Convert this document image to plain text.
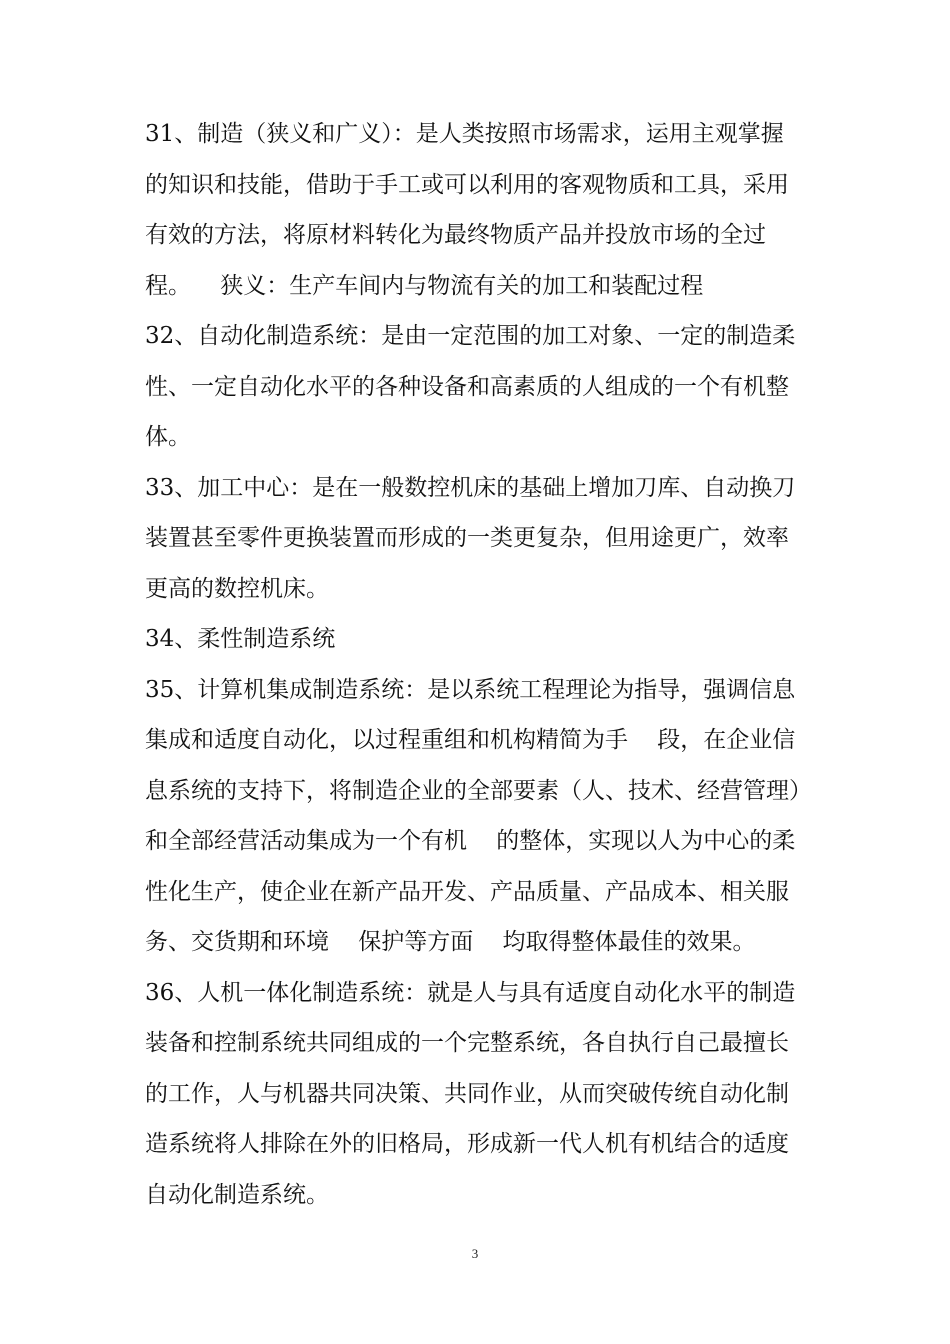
31、制造（狭义和广义）：是人类按照市场需求，运用主观掌握
的知识和技能，借助于手工或可以利用的客观物质和工具，采用
有效的方法，将原材料转化为最终物质产品并投放市场的全过
程。    狭义：生产车间内与物流有关的加工和装配过程
32、自动化制造系统：是由一定范围的加工对象、一定的制造柔
性、一定自动化水平的各种设备和高素质的人组成的一个有机整
体。
33、加工中心：是在一般数控机床的基础上增加刀库、自动换刀
装置甚至零件更换装置而形成的一类更复杂，但用途更广，效率
更高的数控机床。
34、柔性制造系统
35、计算机集成制造系统：是以系统工程理论为指导，强调信息
集成和适度自动化，以过程重组和机构精简为手    段，在企业信
息系统的支持下，将制造企业的全部要素（人、技术、经营管理）
和全部经营活动集成为一个有机    的整体，实现以人为中心的柔
性化生产，使企业在新产品开发、产品质量、产品成本、相关服
务、交货期和环境    保护等方面    均取得整体最佳的效果。
36、人机一体化制造系统：就是人与具有适度自动化水平的制造
装备和控制系统共同组成的一个完整系统，各自执行自己最擅长
的工作，人与机器共同决策、共同作业，从而突破传统自动化制
造系统将人排除在外的旧格局，形成新一代人机有机结合的适度
自动化制造系统。
3
